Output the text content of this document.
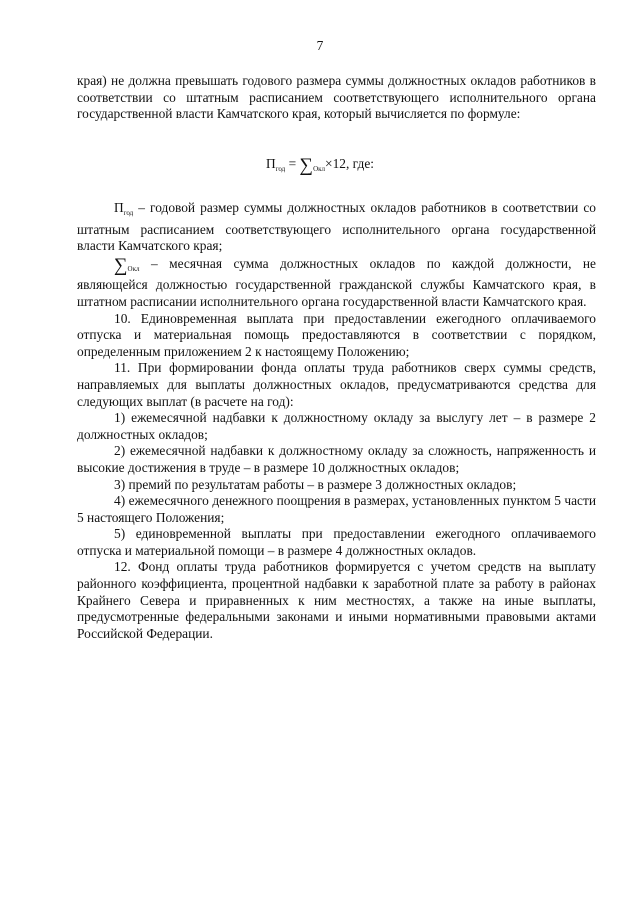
7

края) не должна превышать годового размера суммы должностных окладов работников в соответствии со штатным расписанием соответствующего исполнительного органа государственной власти Камчатского края, который вычисляется по формуле:

$П_{год} = \sum_{Окл}\times 12$, где:

$П_{год}$ – годовой размер суммы должностных окладов работников в соответствии со штатным расписанием соответствующего исполнительного органа государственной власти Камчатского края;

$\sum_{Окл}$ – месячная сумма должностных окладов по каждой должности, не являющейся должностью государственной гражданской службы Камчатского края, в штатном расписании исполнительного органа государственной власти Камчатского края.

10. Единовременная выплата при предоставлении ежегодного оплачиваемого отпуска и материальная помощь предоставляются в соответствии с порядком, определенным приложением 2 к настоящему Положению;

11. При формировании фонда оплаты труда работников сверх суммы средств, направляемых для выплаты должностных окладов, предусматриваются средства для следующих выплат (в расчете на год):

1) ежемесячной надбавки к должностному окладу за выслугу лет – в размере 2 должностных окладов;

2) ежемесячной надбавки к должностному окладу за сложность, напряженность и высокие достижения в труде – в размере 10 должностных окладов;

3) премий по результатам работы – в размере 3 должностных окладов;

4) ежемесячного денежного поощрения в размерах, установленных пунктом 5 части 5 настоящего Положения;

5) единовременной выплаты при предоставлении ежегодного оплачиваемого отпуска и материальной помощи – в размере 4 должностных окладов.

12. Фонд оплаты труда работников формируется с учетом средств на выплату районного коэффициента, процентной надбавки к заработной плате за работу в районах Крайнего Севера и приравненных к ним местностях, а также на иные выплаты, предусмотренные федеральными законами и иными нормативными правовыми актами Российской Федерации.
